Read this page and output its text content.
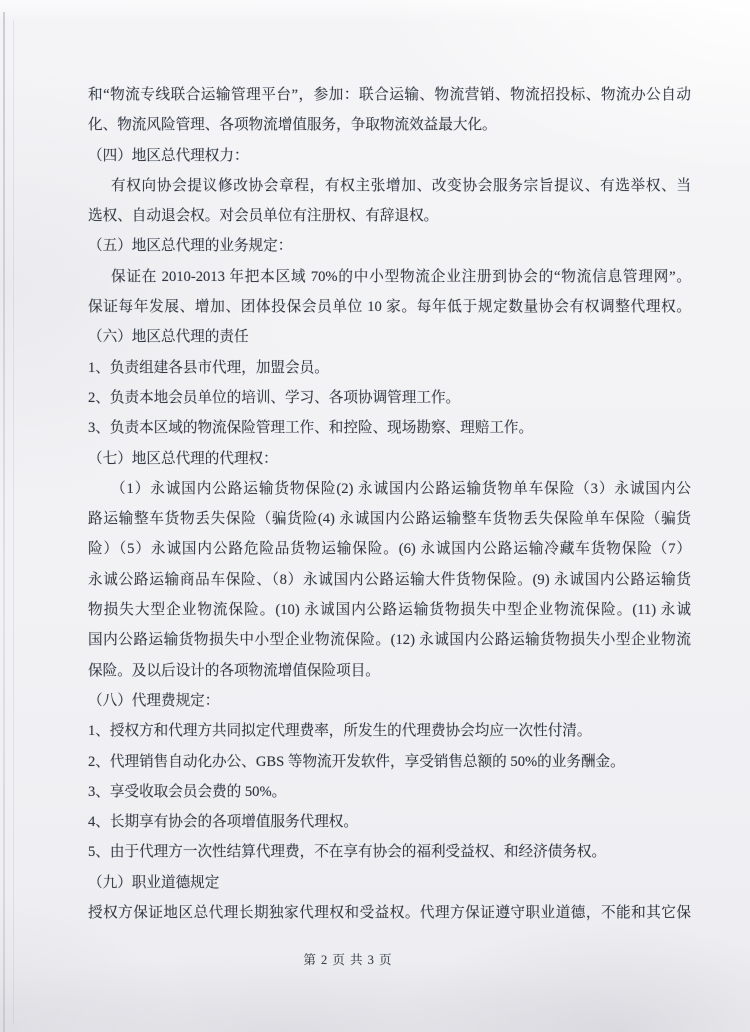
和“物流专线联合运输管理平台”，参加：联合运输、物流营销、物流招投标、物流办公自动
化、物流风险管理、各项物流增值服务，争取物流效益最大化。
（四）地区总代理权力：
有权向协会提议修改协会章程，有权主张增加、改变协会服务宗旨提议、有选举权、当
选权、自动退会权。对会员单位有注册权、有辞退权。
（五）地区总代理的业务规定：
保证在 2010-2013 年把本区域 70%的中小型物流企业注册到协会的“物流信息管理网”。
保证每年发展、增加、团体投保会员单位 10 家。每年低于规定数量协会有权调整代理权。
（六）地区总代理的责任
1、负责组建各县市代理，加盟会员。
2、负责本地会员单位的培训、学习、各项协调管理工作。
3、负责本区域的物流保险管理工作、和控险、现场勘察、理赔工作。
（七）地区总代理的代理权：
（1）永诚国内公路运输货物保险(2) 永诚国内公路运输货物单车保险（3）永诚国内公
路运输整车货物丢失保险（骗货险(4) 永诚国内公路运输整车货物丢失保险单车保险（骗货
险）（5）永诚国内公路危险品货物运输保险。(6) 永诚国内公路运输冷藏车货物保险（7）
永诚公路运输商品车保险、（8）永诚国内公路运输大件货物保险。(9) 永诚国内公路运输货
物损失大型企业物流保险。(10) 永诚国内公路运输货物损失中型企业物流保险。(11) 永诚
国内公路运输货物损失中小型企业物流保险。(12) 永诚国内公路运输货物损失小型企业物流
保险。及以后设计的各项物流增值保险项目。
（八）代理费规定：
1、授权方和代理方共同拟定代理费率，所发生的代理费协会均应一次性付清。
2、代理销售自动化办公、GBS 等物流开发软件，享受销售总额的 50%的业务酬金。
3、享受收取会员会费的 50%。
4、长期享有协会的各项增值服务代理权。
5、由于代理方一次性结算代理费，不在享有协会的福利受益权、和经济债务权。
（九）职业道德规定
授权方保证地区总代理长期独家代理权和受益权。代理方保证遵守职业道德，不能和其它保
第 2 页 共 3 页
